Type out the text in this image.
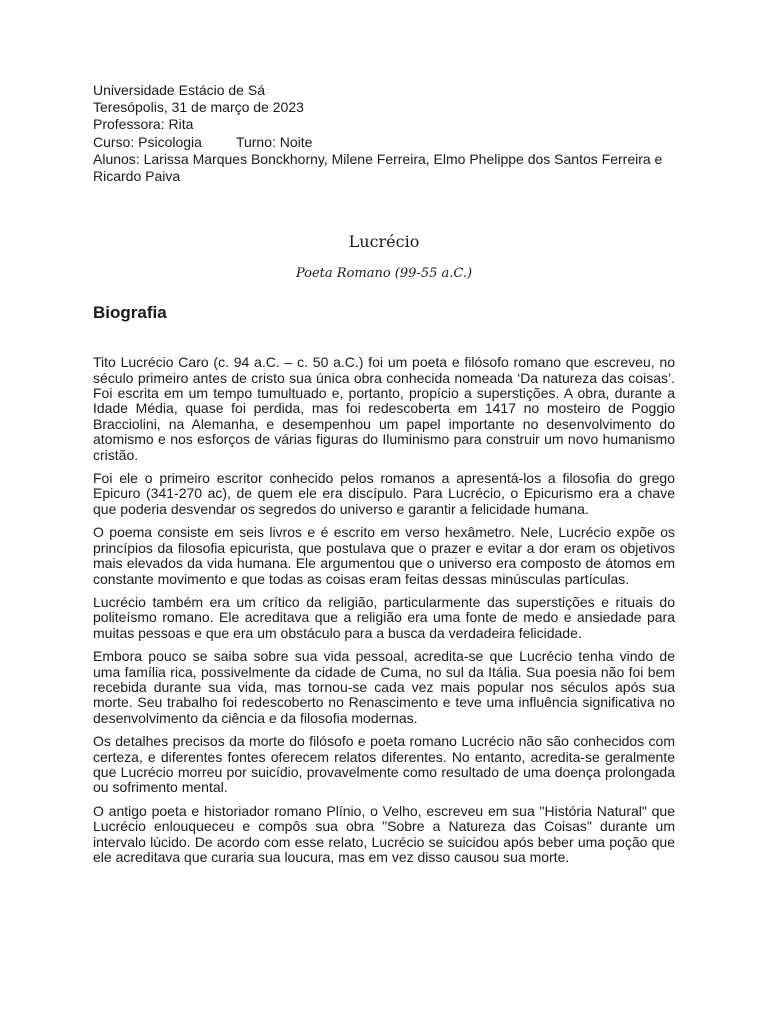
Universidade Estácio de Sá

Teresópolis, 31 de março de 2023

Professora: Rita

Curso: Psicologia Turno: Noite

Alunos: Larissa Marques Bonckhorny, Milene Ferreira, Elmo Phelippe dos Santos Ferreira e Ricardo Paiva

Lucrécio

Poeta Romano (99-55 a.C.)

Biografia

Tito Lucrécio Caro (c. 94 a.C. – c. 50 a.C.) foi um poeta e filósofo romano que escreveu, no século primeiro antes de cristo sua única obra conhecida nomeada ‘Da natureza das coisas’. Foi escrita em um tempo tumultuado e, portanto, propício a superstições. A obra, durante a Idade Média, quase foi perdida, mas foi redescoberta em 1417 no mosteiro de Poggio Bracciolini, na Alemanha, e desempenhou um papel importante no desenvolvimento do atomismo e nos esforços de várias figuras do Iluminismo para construir um novo humanismo cristão.

Foi ele o primeiro escritor conhecido pelos romanos a apresentá-los a filosofia do grego Epicuro (341-270 ac), de quem ele era discípulo. Para Lucrécio, o Epicurismo era a chave que poderia desvendar os segredos do universo e garantir a felicidade humana.

O poema consiste em seis livros e é escrito em verso hexâmetro. Nele, Lucrécio expõe os princípios da filosofia epicurista, que postulava que o prazer e evitar a dor eram os objetivos mais elevados da vida humana. Ele argumentou que o universo era composto de átomos em constante movimento e que todas as coisas eram feitas dessas minúsculas partículas.

Lucrécio também era um crítico da religião, particularmente das superstições e rituais do politeísmo romano. Ele acreditava que a religião era uma fonte de medo e ansiedade para muitas pessoas e que era um obstáculo para a busca da verdadeira felicidade.

Embora pouco se saiba sobre sua vida pessoal, acredita-se que Lucrécio tenha vindo de uma família rica, possivelmente da cidade de Cuma, no sul da Itália. Sua poesia não foi bem recebida durante sua vida, mas tornou-se cada vez mais popular nos séculos após sua morte. Seu trabalho foi redescoberto no Renascimento e teve uma influência significativa no desenvolvimento da ciência e da filosofia modernas.

Os detalhes precisos da morte do filósofo e poeta romano Lucrécio não são conhecidos com certeza, e diferentes fontes oferecem relatos diferentes. No entanto, acredita-se geralmente que Lucrécio morreu por suicídio, provavelmente como resultado de uma doença prolongada ou sofrimento mental.

O antigo poeta e historiador romano Plínio, o Velho, escreveu em sua "História Natural" que Lucrécio enlouqueceu e compôs sua obra "Sobre a Natureza das Coisas" durante um intervalo lúcido. De acordo com esse relato, Lucrécio se suicidou após beber uma poção que ele acreditava que curaria sua loucura, mas em vez disso causou sua morte.
